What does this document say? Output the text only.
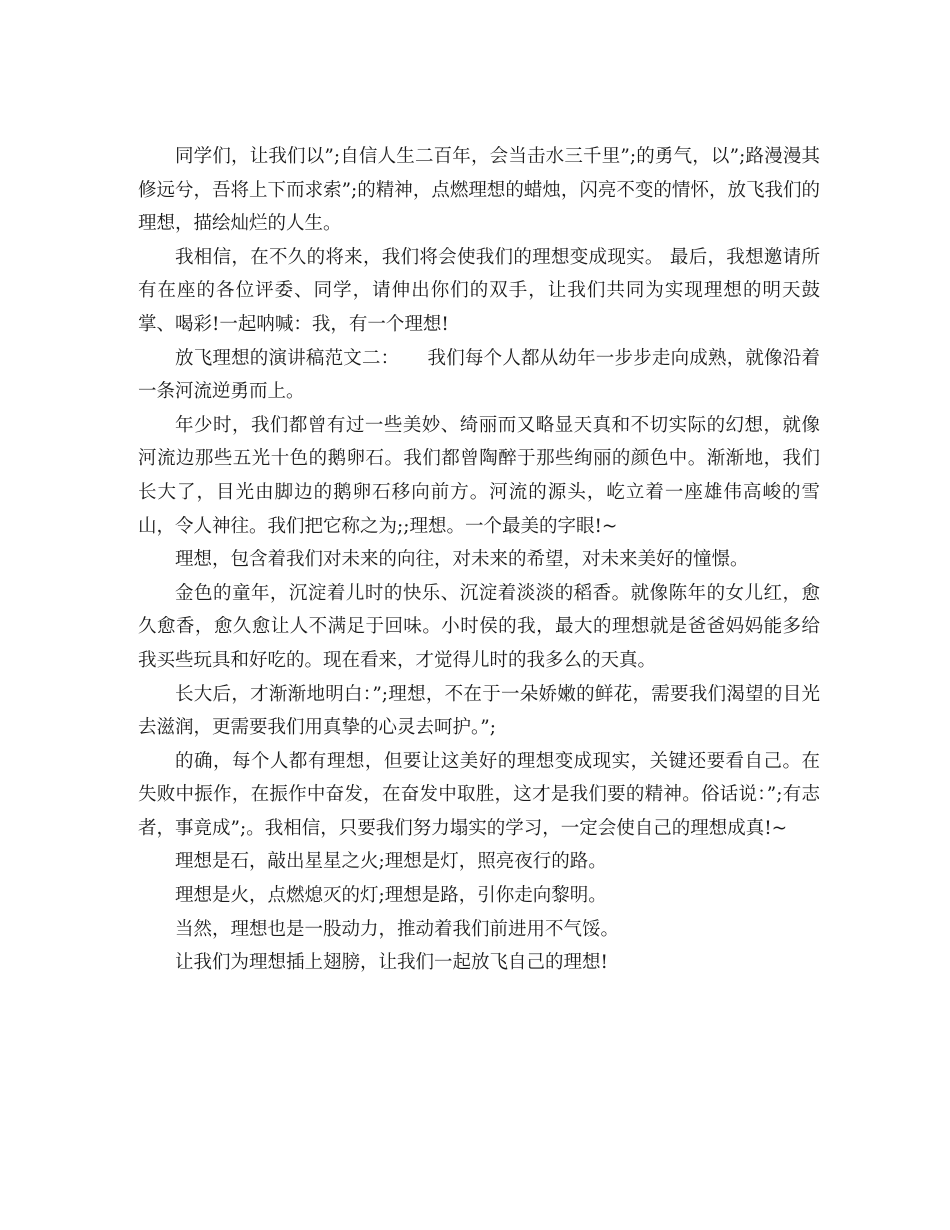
同学们，让我们以”;自信人生二百年，会当击水三千里”;的勇气，以”;路漫漫其修远兮，吾将上下而求索”;的精神，点燃理想的蜡烛，闪亮不变的情怀，放飞我们的理想，描绘灿烂的人生。

我相信，在不久的将来，我们将会使我们的理想变成现实。 最后，我想邀请所有在座的各位评委、同学，请伸出你们的双手，让我们共同为实现理想的明天鼓掌、喝彩!一起呐喊：我，有一个理想!

放飞理想的演讲稿范文二：　　我们每个人都从幼年一步步走向成熟，就像沿着一条河流逆勇而上。

年少时，我们都曾有过一些美妙、绮丽而又略显天真和不切实际的幻想，就像河流边那些五光十色的鹅卵石。我们都曾陶醉于那些绚丽的颜色中。渐渐地，我们长大了，目光由脚边的鹅卵石移向前方。河流的源头，屹立着一座雄伟高峻的雪山，令人神往。我们把它称之为;;理想。一个最美的字眼!~

理想，包含着我们对未来的向往，对未来的希望，对未来美好的憧憬。

金色的童年，沉淀着儿时的快乐、沉淀着淡淡的稻香。就像陈年的女儿红，愈久愈香，愈久愈让人不满足于回味。小时侯的我，最大的理想就是爸爸妈妈能多给我买些玩具和好吃的。现在看来，才觉得儿时的我多么的天真。

长大后，才渐渐地明白：”;理想，不在于一朵娇嫩的鲜花，需要我们渴望的目光去滋润，更需要我们用真挚的心灵去呵护。”;

的确，每个人都有理想，但要让这美好的理想变成现实，关键还要看自己。在失败中振作，在振作中奋发，在奋发中取胜，这才是我们要的精神。俗话说：”;有志者，事竟成”;。我相信，只要我们努力塌实的学习，一定会使自己的理想成真!~

理想是石，敲出星星之火;理想是灯，照亮夜行的路。

理想是火，点燃熄灭的灯;理想是路，引你走向黎明。

当然，理想也是一股动力，推动着我们前进用不气馁。

让我们为理想插上翅膀，让我们一起放飞自己的理想!
